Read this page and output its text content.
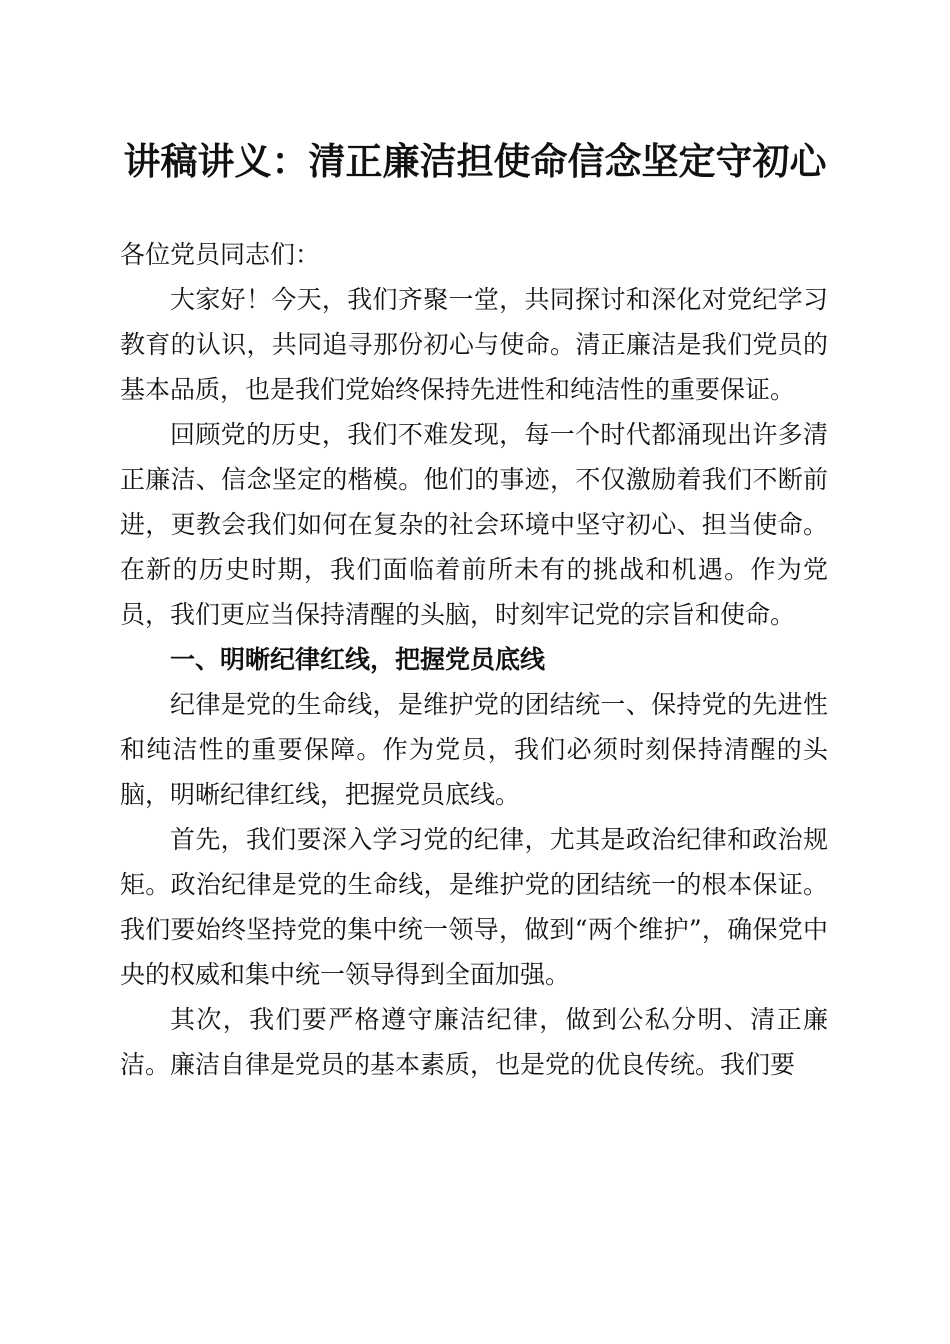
讲稿讲义：清正廉洁担使命信念坚定守初心

各位党员同志们：

大家好！今天，我们齐聚一堂，共同探讨和深化对党纪学习教育的认识，共同追寻那份初心与使命。清正廉洁是我们党员的基本品质，也是我们党始终保持先进性和纯洁性的重要保证。

回顾党的历史，我们不难发现，每一个时代都涌现出许多清正廉洁、信念坚定的楷模。他们的事迹，不仅激励着我们不断前进，更教会我们如何在复杂的社会环境中坚守初心、担当使命。在新的历史时期，我们面临着前所未有的挑战和机遇。作为党员，我们更应当保持清醒的头脑，时刻牢记党的宗旨和使命。

一、明晰纪律红线，把握党员底线

纪律是党的生命线，是维护党的团结统一、保持党的先进性和纯洁性的重要保障。作为党员，我们必须时刻保持清醒的头脑，明晰纪律红线，把握党员底线。

首先，我们要深入学习党的纪律，尤其是政治纪律和政治规矩。政治纪律是党的生命线，是维护党的团结统一的根本保证。我们要始终坚持党的集中统一领导，做到“两个维护”，确保党中央的权威和集中统一领导得到全面加强。

其次，我们要严格遵守廉洁纪律，做到公私分明、清正廉洁。廉洁自律是党员的基本素质，也是党的优良传统。我们要
